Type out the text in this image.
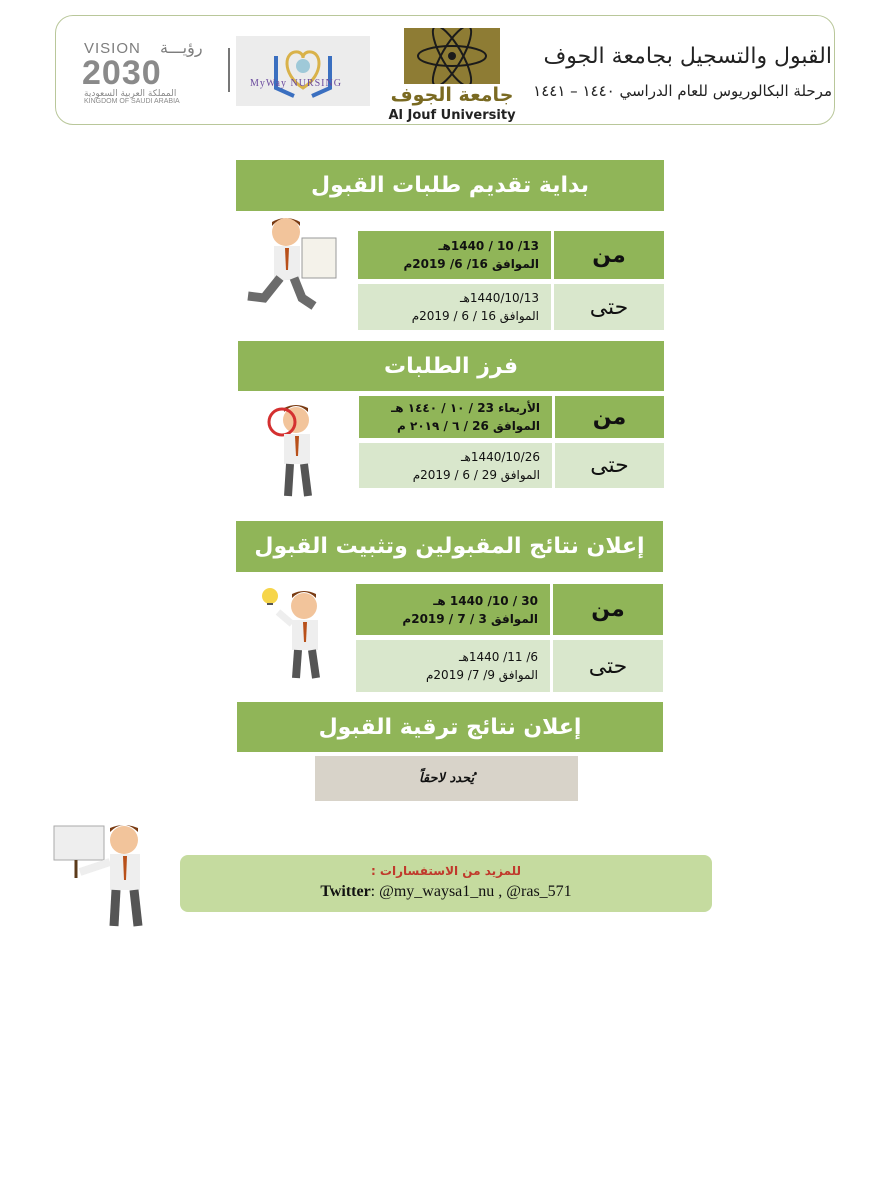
VISION رؤيـــة
2030
المملكة العربية السعودية
KINGDOM OF SAUDI ARABIA
MyWay NURSING
جامعة الجوف
Al Jouf University
القبول والتسجيل بجامعة الجوف
مرحلة البكالوريوس للعام الدراسي ١٤٤٠ – ١٤٤١
بداية تقديم طلبات القبول
من
13/ 10 / 1440هـ
الموافق 16/ 6/ 2019م
حتى
1440/10/13هـ
الموافق 16 / 6 / 2019م
فرز الطلبات
من
الأربعاء 23 / ١٠ / ١٤٤٠ هـ
الموافق 26 / ٦ / ٢٠١٩ م
حتى
1440/10/26هـ
الموافق 29 / 6 / 2019م
إعلان نتائج المقبولين وتثبيت القبول
من
30 / 10/ 1440 هـ
الموافق 3 / 7 / 2019م
حتى
6/ 11/ 1440هـ
الموافق 9/ 7/ 2019م
إعلان نتائج ترقية القبول
يُحدد لاحقاً
للمزيد من الاستفسارات :
Twitter: @my_waysa1_nu , @ras_571
